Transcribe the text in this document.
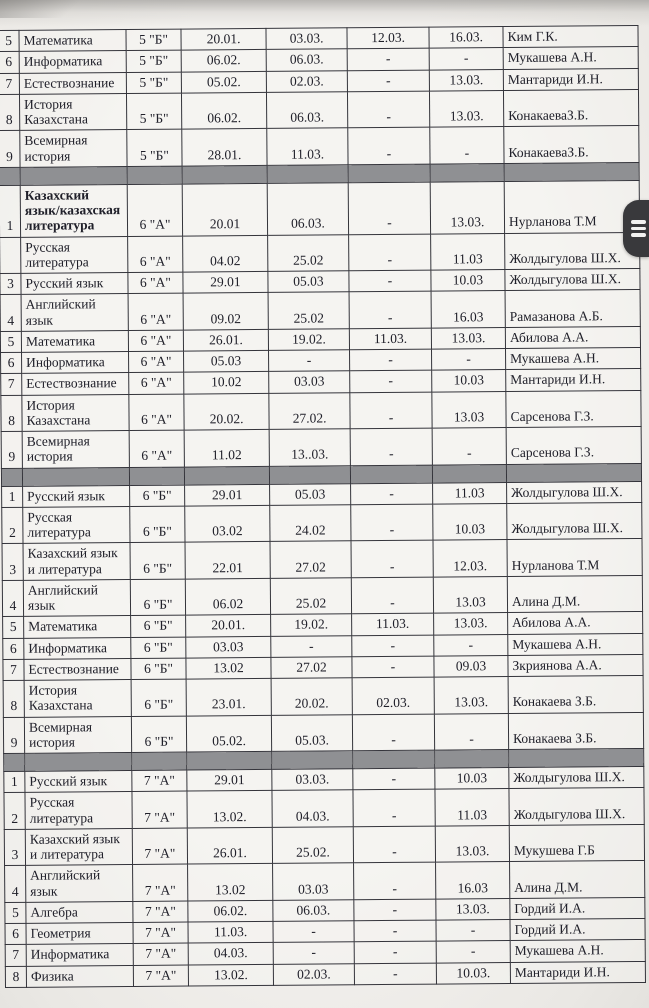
5	Математика	5 "Б"	20.01.	03.03.	12.03.	16.03.	Ким Г.К.
6	Информатика	5 "Б"	06.02.	06.03.	-	-	Мукашева А.Н.
7	Естествознание	5 "Б"	05.02.	02.03.	-	13.03.	Мантариди И.Н.
8	История Казахстана	5 "Б"	06.02.	06.03.	-	13.03.	КонакаеваЗ.Б.
9	Всемирная история	5 "Б"	28.01.	11.03.	-	-	КонакаеваЗ.Б.

1	Казахский язык/казахская литература	6 "А"	20.01	06.03.	-	13.03.	Нурланова Т.М
	Русская литература	6 "А"	04.02	25.02	-	11.03	Жолдыгулова Ш.Х.
3	Русский язык	6 "А"	29.01	05.03	-	10.03	Жолдыгулова Ш.Х.
4	Английский язык	6 "А"	09.02	25.02	-	16.03	Рамазанова А.Б.
5	Математика	6 "А"	26.01.	19.02.	11.03.	13.03.	Абилова А.А.
6	Информатика	6 "А"	05.03	-	-	-	Мукашева А.Н.
7	Естествознание	6 "А"	10.02	03.03	-	10.03	Мантариди И.Н.
8	История Казахстана	6 "А"	20.02.	27.02.	-	13.03	Сарсенова Г.З.
9	Всемирная история	6 "А"	11.02	13..03.	-	-	Сарсенова Г.З.

1	Русский язык	6 "Б"	29.01	05.03	-	11.03	Жолдыгулова Ш.Х.
2	Русская литература	6 "Б"	03.02	24.02	-	10.03	Жолдыгулова Ш.Х.
3	Казахский язык и литература	6 "Б"	22.01	27.02	-	12.03.	Нурланова Т.М
4	Английский язык	6 "Б"	06.02	25.02	-	13.03	Алина Д.М.
5	Математика	6 "Б"	20.01.	19.02.	11.03.	13.03.	Абилова А.А.
6	Информатика	6 "Б"	03.03	-	-	-	Мукашева А.Н.
7	Естествознание	6 "Б"	13.02	27.02	-	09.03	Зкриянова А.А.
8	История Казахстана	6 "Б"	23.01.	20.02.	02.03.	13.03.	Конакаева З.Б.
9	Всемирная история	6 "Б"	05.02.	05.03.	-	-	Конакаева З.Б.

1	Русский язык	7 "А"	29.01	03.03.	-	10.03	Жолдыгулова Ш.Х.
2	Русская литература	7 "А"	13.02.	04.03.	-	11.03	Жолдыгулова Ш.Х.
3	Казахский язык и литература	7 "А"	26.01.	25.02.	-	13.03.	Мукушева Г.Б
4	Английский язык	7 "А"	13.02	03.03	-	16.03	Алина Д.М.
5	Алгебра	7 "А"	06.02.	06.03.	-	13.03.	Гордий И.А.
6	Геометрия	7 "А"	11.03.	-	-	-	Гордий И.А.
7	Информатика	7 "А"	04.03.	-	-	-	Мукашева А.Н.
8	Физика	7 "А"	13.02.	02.03.	-	10.03.	Мантариди И.Н.
